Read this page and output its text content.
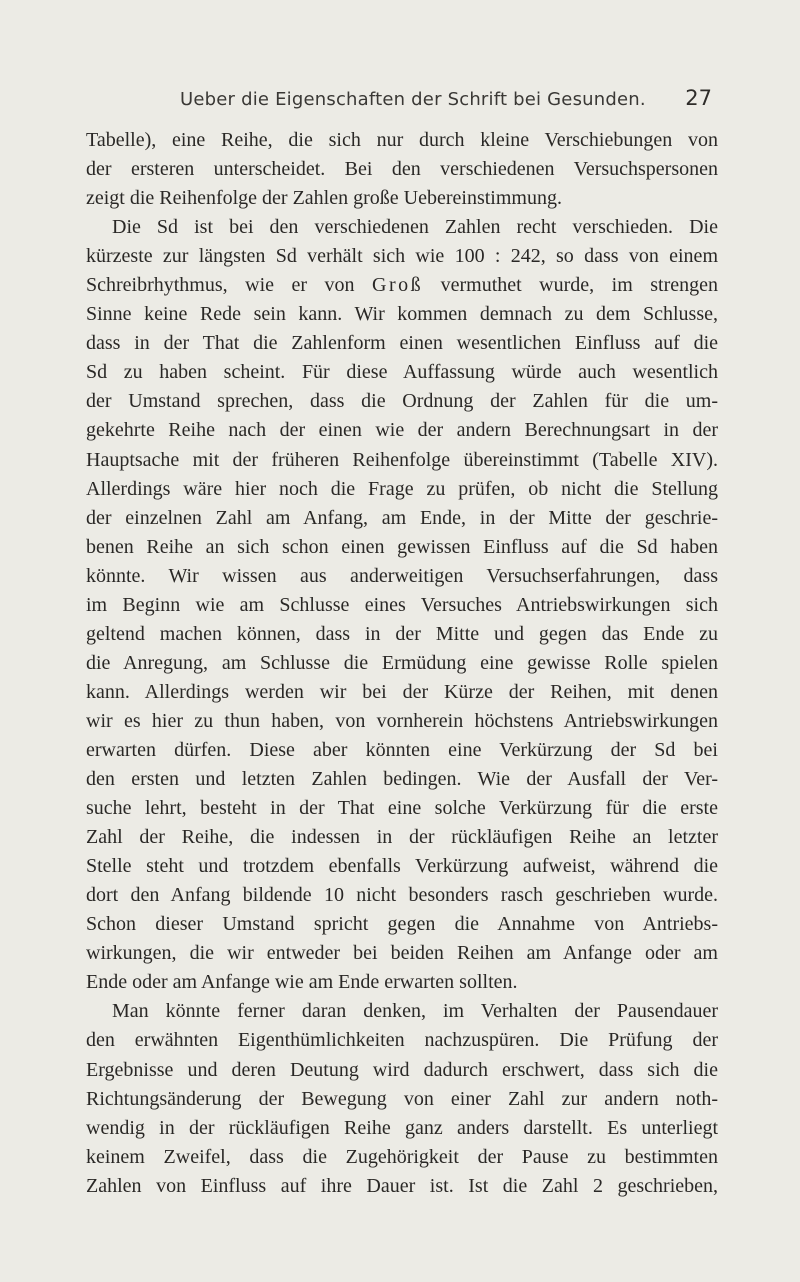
Ueber die Eigenschaften der Schrift bei Gesunden. 27
Tabelle), eine Reihe, die sich nur durch kleine Verschiebungen von
der ersteren unterscheidet. Bei den verschiedenen Versuchspersonen
zeigt die Reihenfolge der Zahlen große Uebereinstimmung.
Die Sd ist bei den verschiedenen Zahlen recht verschieden. Die
kürzeste zur längsten Sd verhält sich wie 100 : 242, so dass von einem
Schreibrhythmus, wie er von Groß vermuthet wurde, im strengen
Sinne keine Rede sein kann. Wir kommen demnach zu dem Schlusse,
dass in der That die Zahlenform einen wesentlichen Einfluss auf die
Sd zu haben scheint. Für diese Auffassung würde auch wesentlich
der Umstand sprechen, dass die Ordnung der Zahlen für die um-
gekehrte Reihe nach der einen wie der andern Berechnungsart in der
Hauptsache mit der früheren Reihenfolge übereinstimmt (Tabelle XIV).
Allerdings wäre hier noch die Frage zu prüfen, ob nicht die Stellung
der einzelnen Zahl am Anfang, am Ende, in der Mitte der geschrie-
benen Reihe an sich schon einen gewissen Einfluss auf die Sd haben
könnte. Wir wissen aus anderweitigen Versuchserfahrungen, dass
im Beginn wie am Schlusse eines Versuches Antriebswirkungen sich
geltend machen können, dass in der Mitte und gegen das Ende zu
die Anregung, am Schlusse die Ermüdung eine gewisse Rolle spielen
kann. Allerdings werden wir bei der Kürze der Reihen, mit denen
wir es hier zu thun haben, von vornherein höchstens Antriebswirkungen
erwarten dürfen. Diese aber könnten eine Verkürzung der Sd bei
den ersten und letzten Zahlen bedingen. Wie der Ausfall der Ver-
suche lehrt, besteht in der That eine solche Verkürzung für die erste
Zahl der Reihe, die indessen in der rückläufigen Reihe an letzter
Stelle steht und trotzdem ebenfalls Verkürzung aufweist, während die
dort den Anfang bildende 10 nicht besonders rasch geschrieben wurde.
Schon dieser Umstand spricht gegen die Annahme von Antriebs-
wirkungen, die wir entweder bei beiden Reihen am Anfange oder am
Ende oder am Anfange wie am Ende erwarten sollten.
Man könnte ferner daran denken, im Verhalten der Pausendauer
den erwähnten Eigenthümlichkeiten nachzuspüren. Die Prüfung der
Ergebnisse und deren Deutung wird dadurch erschwert, dass sich die
Richtungsänderung der Bewegung von einer Zahl zur andern noth-
wendig in der rückläufigen Reihe ganz anders darstellt. Es unterliegt
keinem Zweifel, dass die Zugehörigkeit der Pause zu bestimmten
Zahlen von Einfluss auf ihre Dauer ist. Ist die Zahl 2 geschrieben,
